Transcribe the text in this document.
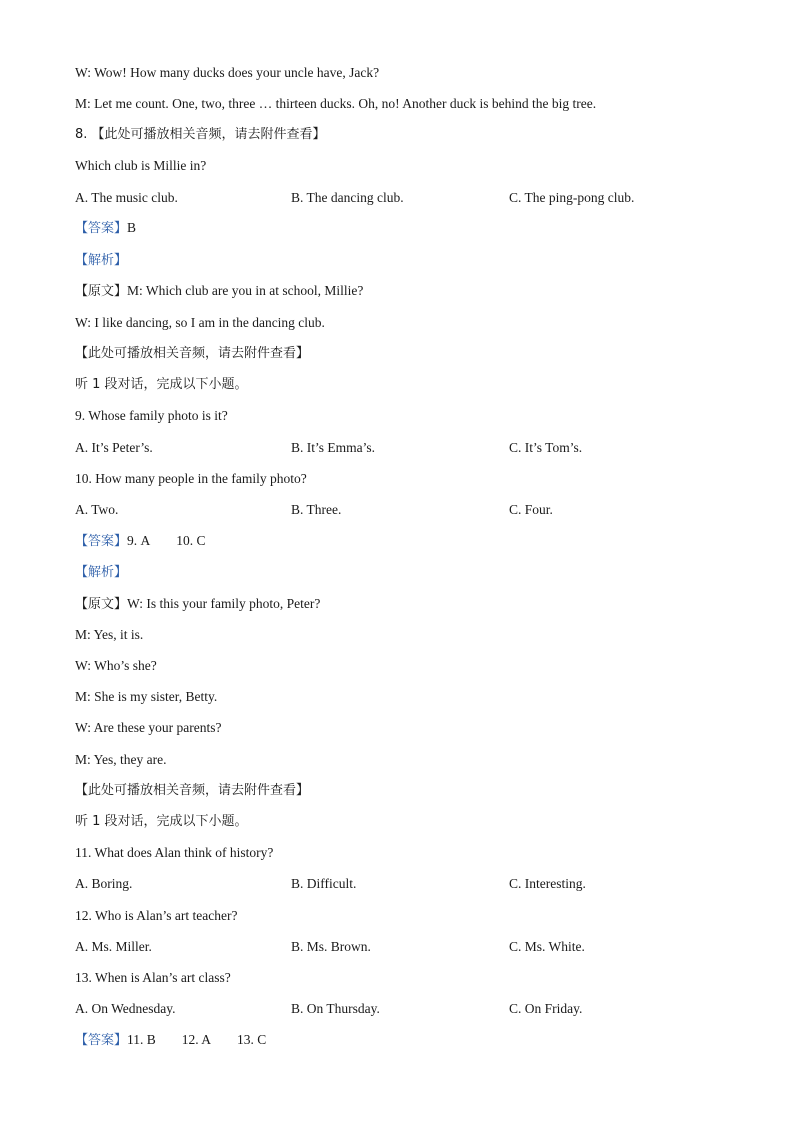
W: Wow! How many ducks does your uncle have, Jack?
M: Let me count. One, two, three … thirteen ducks. Oh, no! Another duck is behind the big tree.
8. 【此处可播放相关音频，请去附件查看】
Which club is Millie in?
A. The music club.	B. The dancing club.	C. The ping-pong club.
【答案】B
【解析】
【原文】M: Which club are you in at school, Millie?
W: I like dancing, so I am in the dancing club.
【此处可播放相关音频，请去附件查看】
听 1 段对话，完成以下小题。
9. Whose family photo is it?
A. It’s Peter’s.	B. It’s Emma’s.	C. It’s Tom’s.
10. How many people in the family photo?
A. Two.	B. Three.	C. Four.
【答案】9. A 10. C
【解析】
【原文】W: Is this your family photo, Peter?
M: Yes, it is.
W: Who’s she?
M: She is my sister, Betty.
W: Are these your parents?
M: Yes, they are.
【此处可播放相关音频，请去附件查看】
听 1 段对话，完成以下小题。
11. What does Alan think of history?
A. Boring.	B. Difficult.	C. Interesting.
12. Who is Alan’s art teacher?
A. Ms. Miller.	B. Ms. Brown.	C. Ms. White.
13. When is Alan’s art class?
A. On Wednesday.	B. On Thursday.	C. On Friday.
【答案】11. B 12. A 13. C
